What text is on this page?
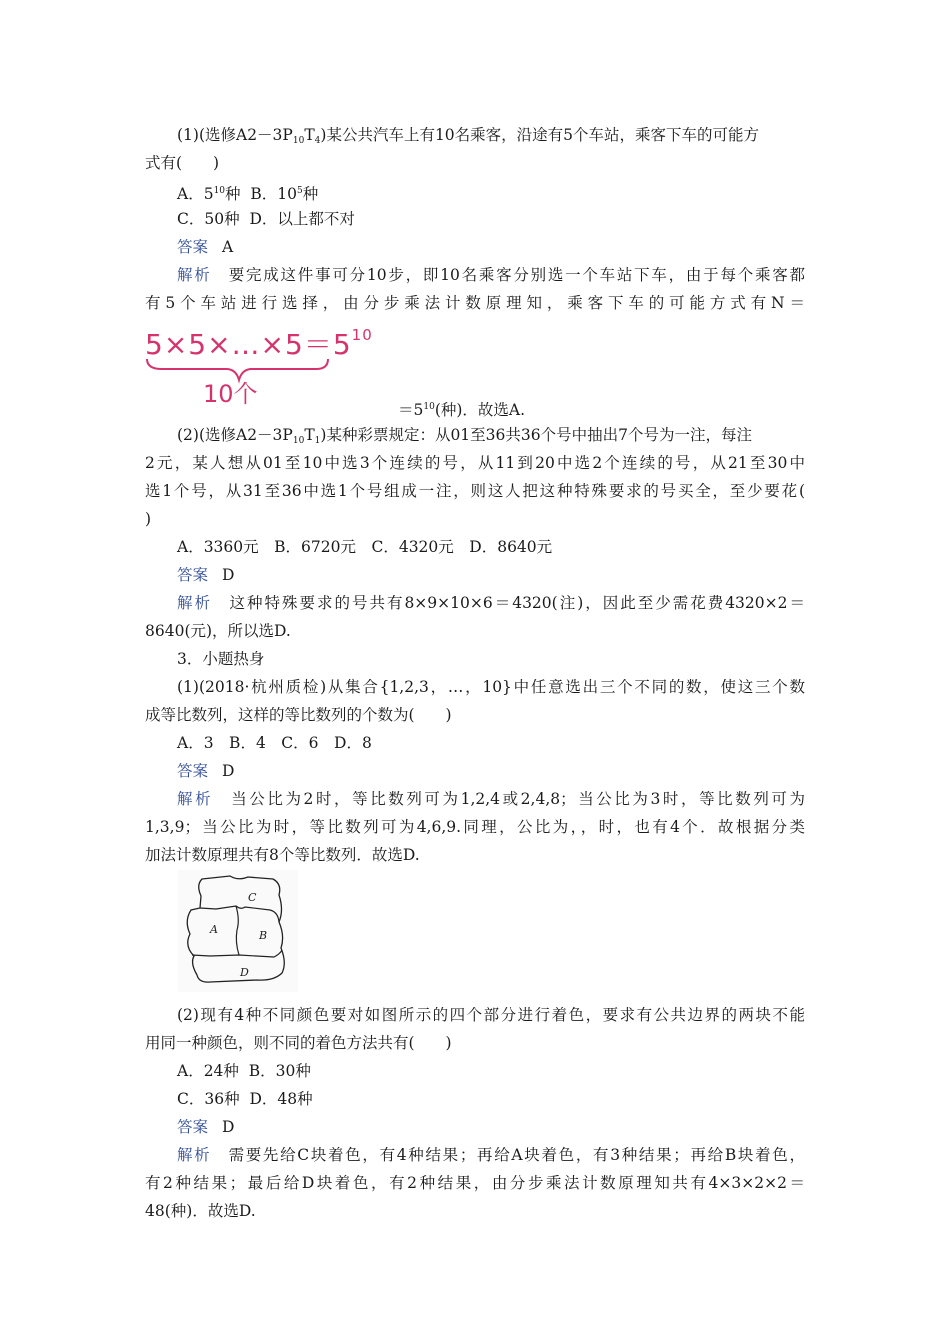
(1)(选修$A2-3P_{10}T_4$)某公共汽车上有10名乘客，沿途有5个车站，乘客下车的可能方
式有(　　)
A．$5^{10}$种 B．$10^5$种
C．50种 D．以上都不对
答案 A
解析　 要完成这件事可分10步，即10名乘客分别选一个车站下车，由于每个乘客都
有5个车站进行选择，由分步乘法计数原理知，乘客下车的可能方式有N＝
$5\times 5\times\dots\times 5=5^{10}$
10个
$=5^{10}$(种)．故选A.
(2)(选修$A2-3P_{10}T_1$)某种彩票规定：从01至36共36个号中抽出7个号为一注，每注
2元，某人想从01至10中选3个连续的号，从11到20中选2个连续的号，从21至30中
选1个号，从31至36中选1个号组成一注，则这人把这种特殊要求的号买全，至少要花(
)
A．3360元　B．6720元　C．4320元　D．8640元
答案 D
解析　 这种特殊要求的号共有8×9×10×6＝4320(注)，因此至少需花费4320×2＝
8640(元)，所以选D.
3．小题热身
(1)(2018·杭州质检)从集合{1,2,3，…，10}中任意选出三个不同的数，使这三个数
成等比数列，这样的等比数列的个数为(　　)
A．3　B．4　C．6　D．8
答案 D
解析　 当公比为2时，等比数列可为1,2,4或2,4,8；当公比为3时，等比数列可为
1,3,9；当公比为时，等比数列可为4,6,9.同理，公比为，，时，也有4个．故根据分类
加法计数原理共有8个等比数列．故选D.
C
A	B
D
(2)现有4种不同颜色要对如图所示的四个部分进行着色，要求有公共边界的两块不能
用同一种颜色，则不同的着色方法共有(　　)
A．24种 B．30种
C．36种 D．48种
答案 D
解析　 需要先给C块着色，有4种结果；再给A块着色，有3种结果；再给B块着色，
有2种结果；最后给D块着色，有2种结果，由分步乘法计数原理知共有4×3×2×2＝
48(种)．故选D.
